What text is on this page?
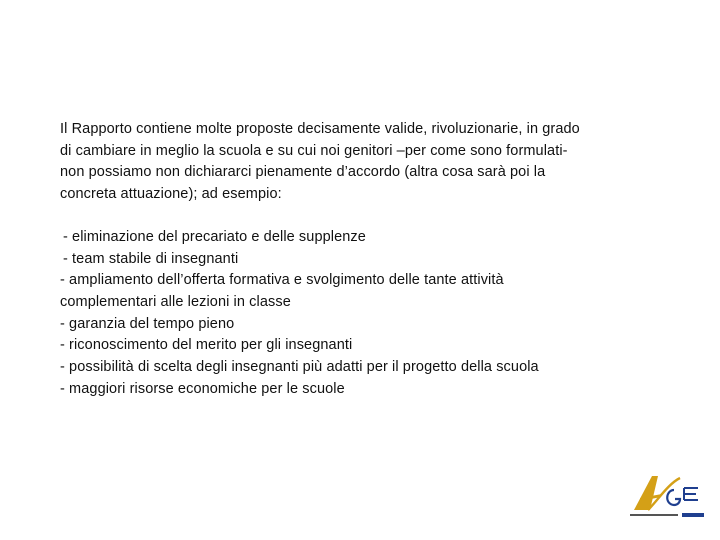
Il Rapporto contiene molte proposte decisamente valide, rivoluzionarie, in grado
di cambiare in meglio la scuola e su cui noi genitori –per come sono formulati-
non possiamo non dichiararci pienamente d’accordo (altra cosa sarà poi la
concreta attuazione); ad esempio:

- eliminazione del precariato e delle supplenze
- team stabile di insegnanti
- ampliamento dell’offerta formativa e svolgimento delle tante attività
complementari alle lezioni in classe
- garanzia del tempo pieno
- riconoscimento del merito per gli insegnanti
- possibilità di scelta degli insegnanti più adatti per il progetto della scuola
- maggiori risorse economiche per le scuole
